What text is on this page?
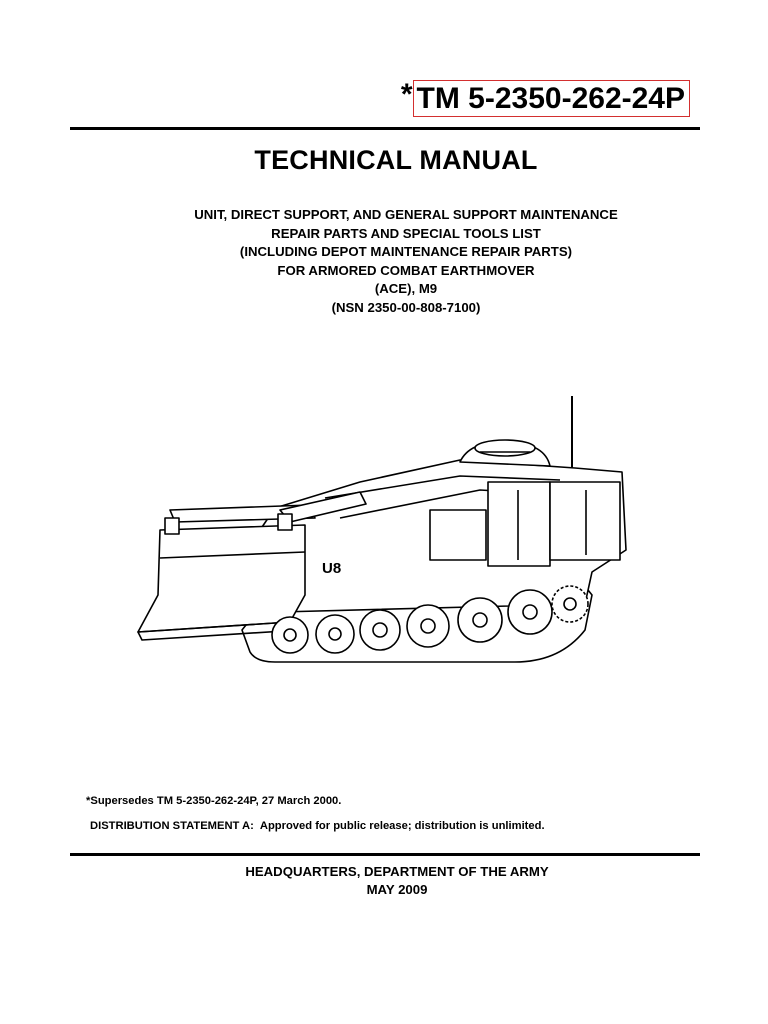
* TM 5-2350-262-24P
TECHNICAL MANUAL
UNIT, DIRECT SUPPORT, AND GENERAL SUPPORT MAINTENANCE
REPAIR PARTS AND SPECIAL TOOLS LIST
(INCLUDING DEPOT MAINTENANCE REPAIR PARTS)
FOR ARMORED COMBAT EARTHMOVER
(ACE), M9
(NSN 2350-00-808-7100)
U8
*Supersedes TM 5-2350-262-24P, 27 March 2000.
DISTRIBUTION STATEMENT A: Approved for public release; distribution is unlimited.
HEADQUARTERS, DEPARTMENT OF THE ARMY
MAY 2009
